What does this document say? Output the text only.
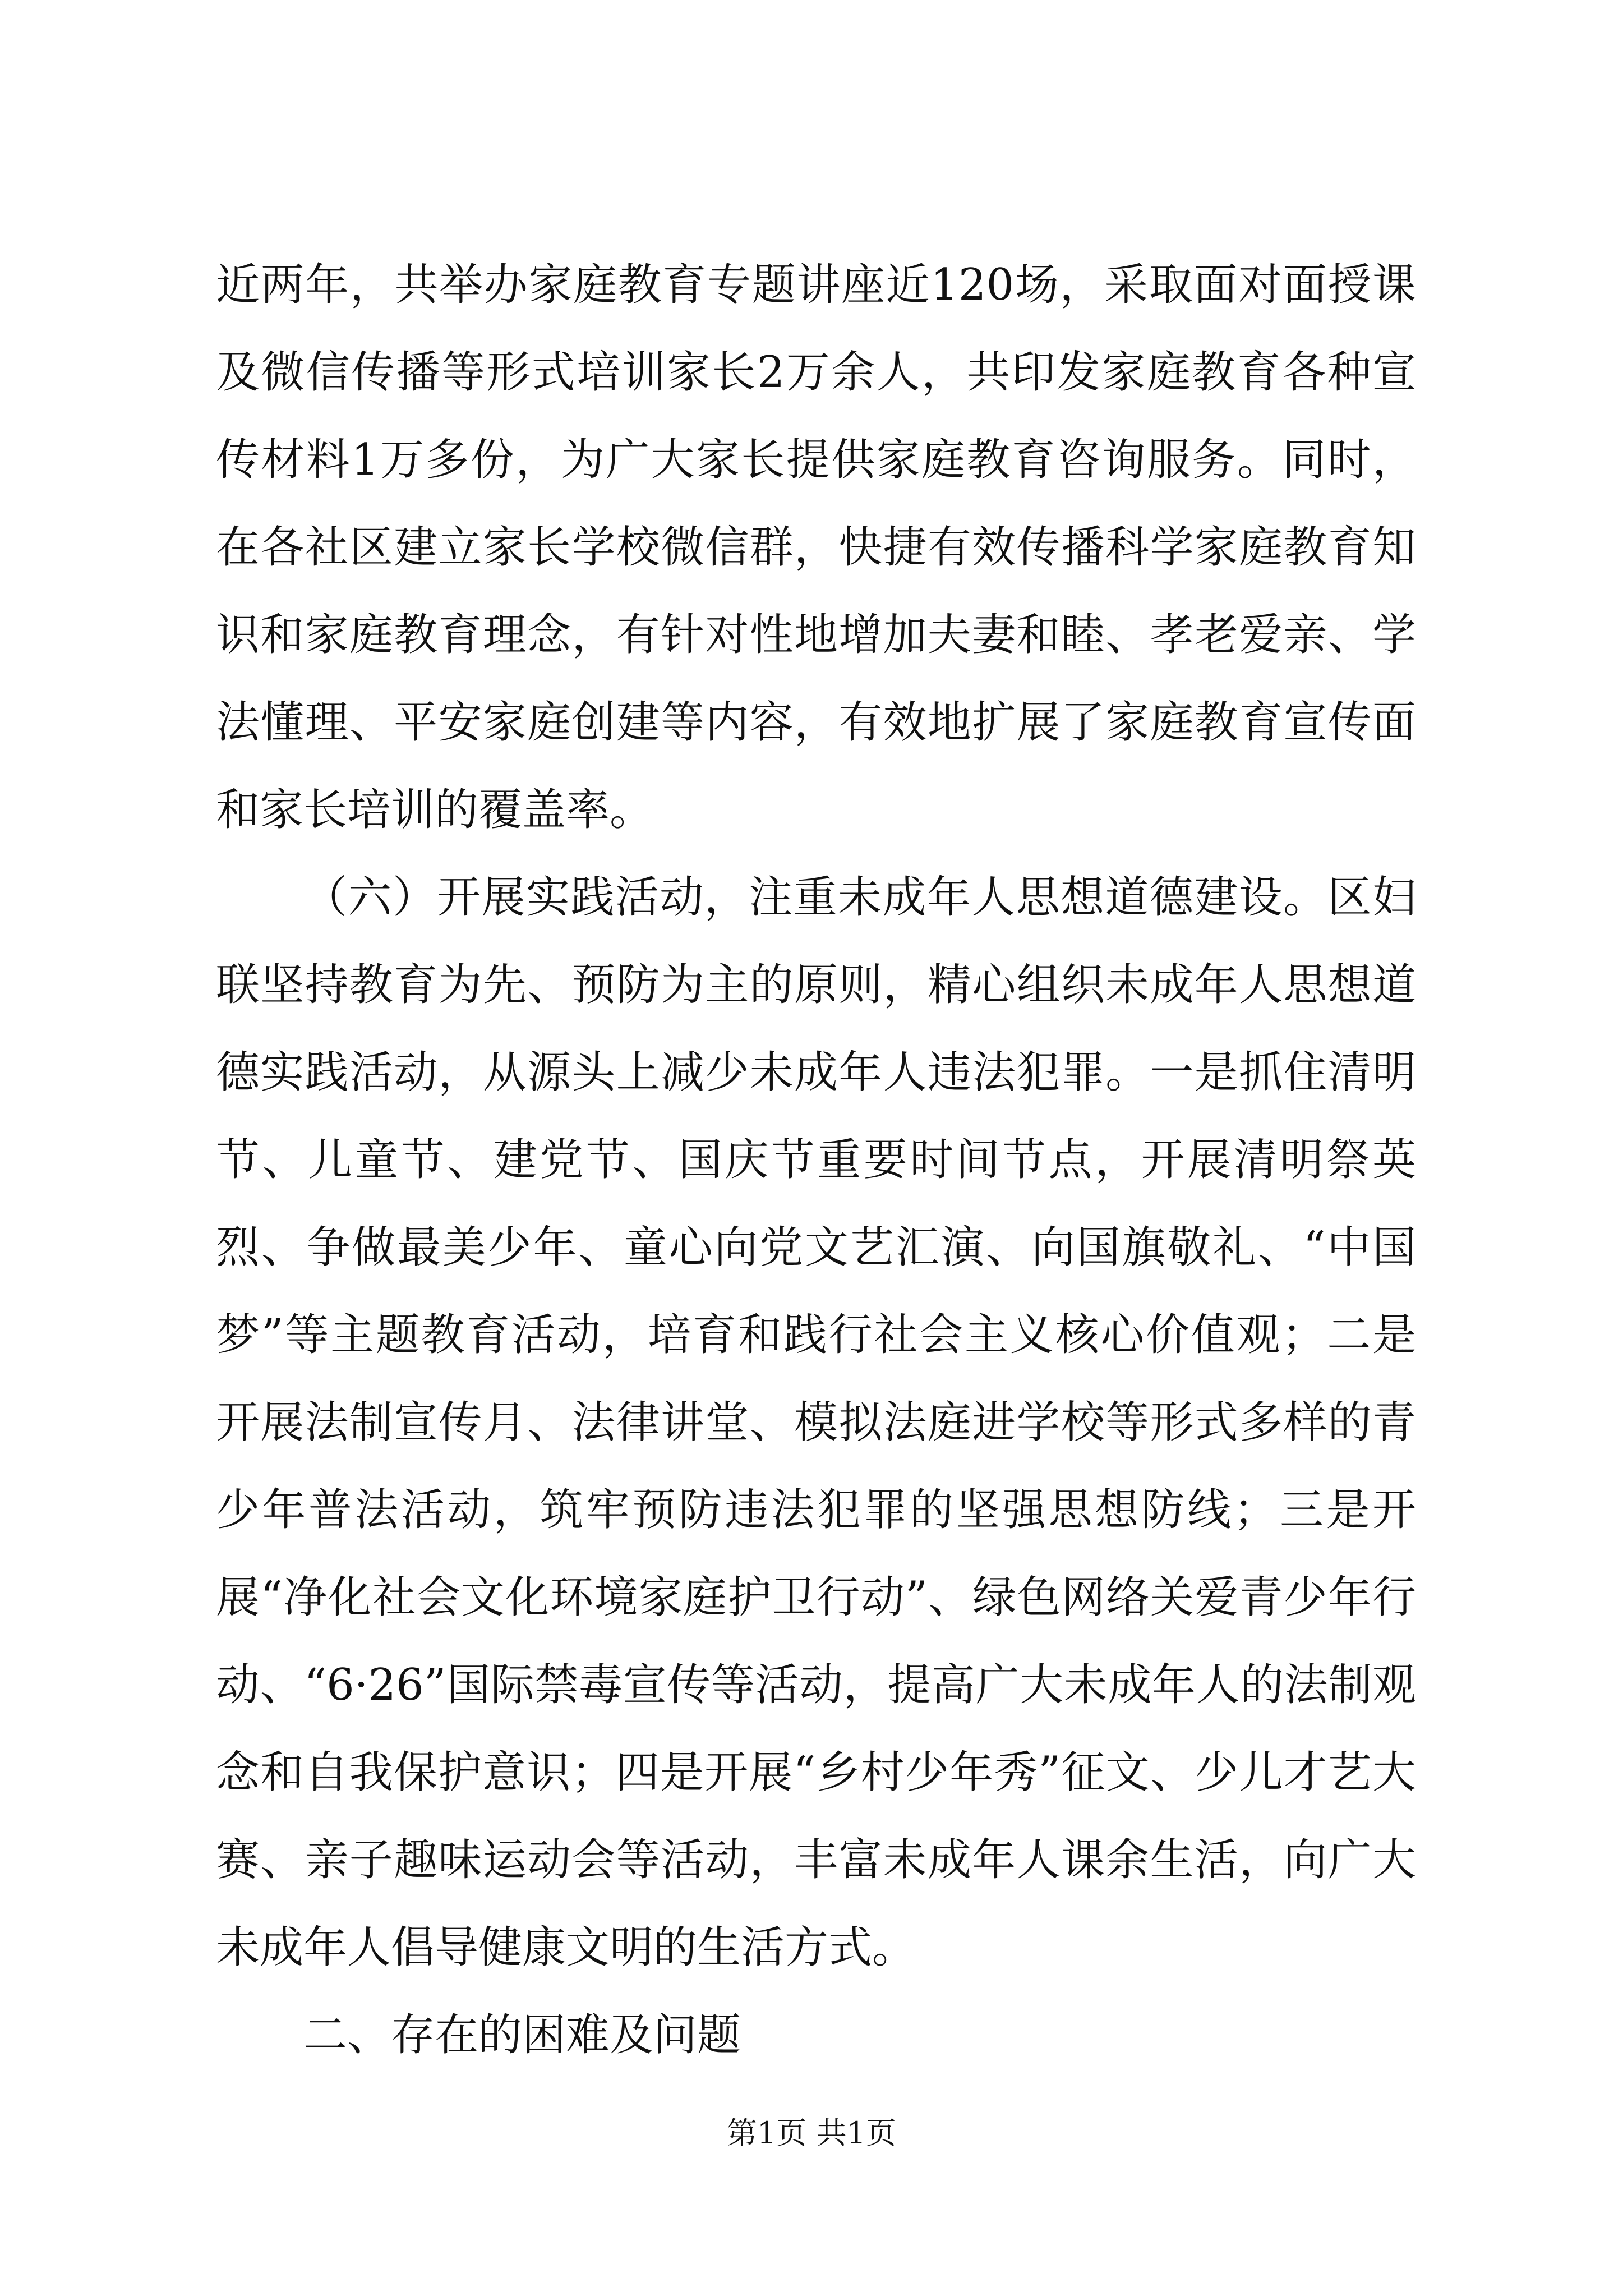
近两年，共举办家庭教育专题讲座近120场，采取面对面授课及微信传播等形式培训家长2万余人，共印发家庭教育各种宣传材料1万多份，为广大家长提供家庭教育咨询服务。同时，在各社区建立家长学校微信群，快捷有效传播科学家庭教育知识和家庭教育理念，有针对性地增加夫妻和睦、孝老爱亲、学法懂理、平安家庭创建等内容，有效地扩展了家庭教育宣传面和家长培训的覆盖率。

（六）开展实践活动，注重未成年人思想道德建设。区妇联坚持教育为先、预防为主的原则，精心组织未成年人思想道德实践活动，从源头上减少未成年人违法犯罪。一是抓住清明节、儿童节、建党节、国庆节重要时间节点，开展清明祭英烈、争做最美少年、童心向党文艺汇演、向国旗敬礼、“中国梦”等主题教育活动，培育和践行社会主义核心价值观；二是开展法制宣传月、法律讲堂、模拟法庭进学校等形式多样的青少年普法活动，筑牢预防违法犯罪的坚强思想防线；三是开展“净化社会文化环境家庭护卫行动”、绿色网络关爱青少年行动、“6·26”国际禁毒宣传等活动，提高广大未成年人的法制观念和自我保护意识；四是开展“乡村少年秀”征文、少儿才艺大赛、亲子趣味运动会等活动，丰富未成年人课余生活，向广大未成年人倡导健康文明的生活方式。

二、存在的困难及问题

第1页 共1页
